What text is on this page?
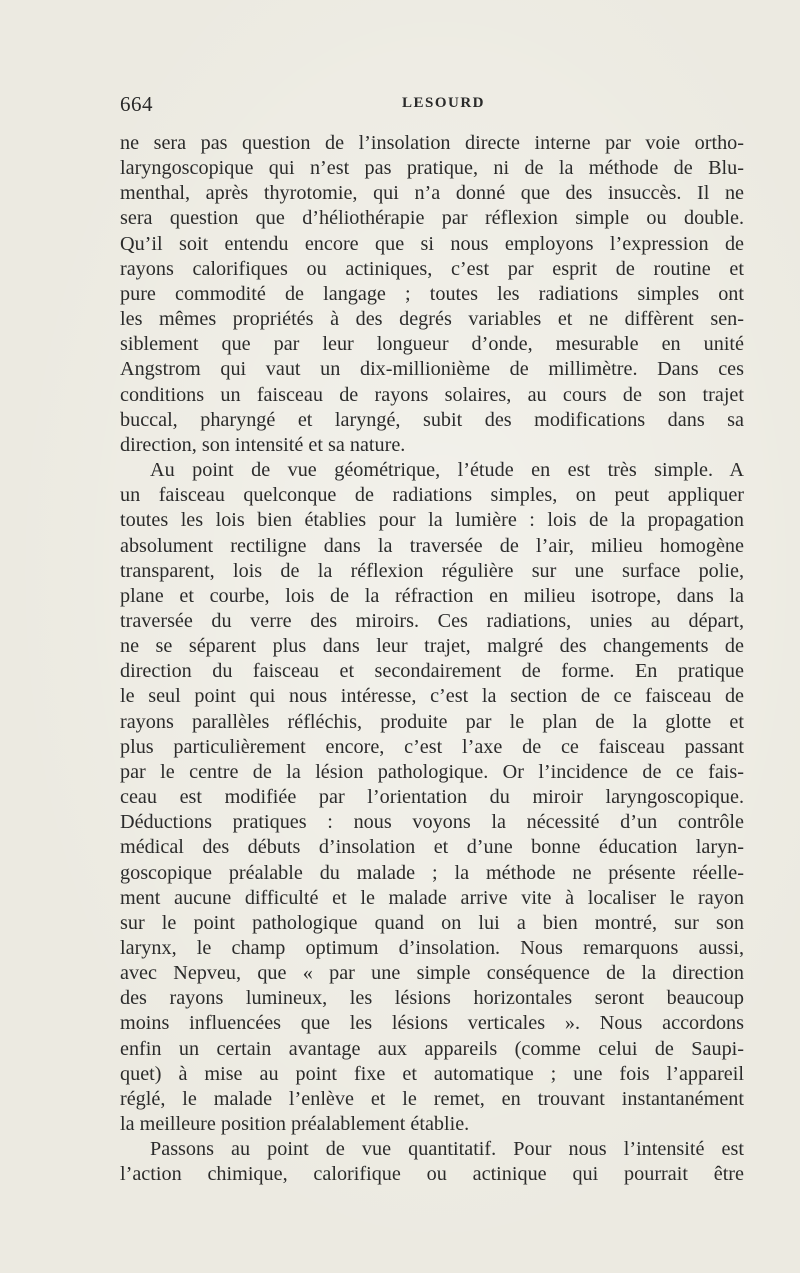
664	LESOURD
ne sera pas question de l’insolation directe interne par voie ortho-
laryngoscopique qui n’est pas pratique, ni de la méthode de Blu-
menthal, après thyrotomie, qui n’a donné que des insuccès. Il ne
sera question que d’héliothérapie par réflexion simple ou double.
Qu’il soit entendu encore que si nous employons l’expression de
rayons calorifiques ou actiniques, c’est par esprit de routine et
pure commodité de langage ; toutes les radiations simples ont
les mêmes propriétés à des degrés variables et ne diffèrent sen-
siblement que par leur longueur d’onde, mesurable en unité
Angstrom qui vaut un dix-millionième de millimètre. Dans ces
conditions un faisceau de rayons solaires, au cours de son trajet
buccal, pharyngé et laryngé, subit des modifications dans sa
direction, son intensité et sa nature.
Au point de vue géométrique, l’étude en est très simple. A
un faisceau quelconque de radiations simples, on peut appliquer
toutes les lois bien établies pour la lumière : lois de la propagation
absolument rectiligne dans la traversée de l’air, milieu homogène
transparent, lois de la réflexion régulière sur une surface polie,
plane et courbe, lois de la réfraction en milieu isotrope, dans la
traversée du verre des miroirs. Ces radiations, unies au départ,
ne se séparent plus dans leur trajet, malgré des changements de
direction du faisceau et secondairement de forme. En pratique
le seul point qui nous intéresse, c’est la section de ce faisceau de
rayons parallèles réfléchis, produite par le plan de la glotte et
plus particulièrement encore, c’est l’axe de ce faisceau passant
par le centre de la lésion pathologique. Or l’incidence de ce fais-
ceau est modifiée par l’orientation du miroir laryngoscopique.
Déductions pratiques : nous voyons la nécessité d’un contrôle
médical des débuts d’insolation et d’une bonne éducation laryn-
goscopique préalable du malade ; la méthode ne présente réelle-
ment aucune difficulté et le malade arrive vite à localiser le rayon
sur le point pathologique quand on lui a bien montré, sur son
larynx, le champ optimum d’insolation. Nous remarquons aussi,
avec Nepveu, que « par une simple conséquence de la direction
des rayons lumineux, les lésions horizontales seront beaucoup
moins influencées que les lésions verticales ». Nous accordons
enfin un certain avantage aux appareils (comme celui de Saupi-
quet) à mise au point fixe et automatique ; une fois l’appareil
réglé, le malade l’enlève et le remet, en trouvant instantanément
la meilleure position préalablement établie.
Passons au point de vue quantitatif. Pour nous l’intensité est
l’action chimique, calorifique ou actinique qui pourrait être
